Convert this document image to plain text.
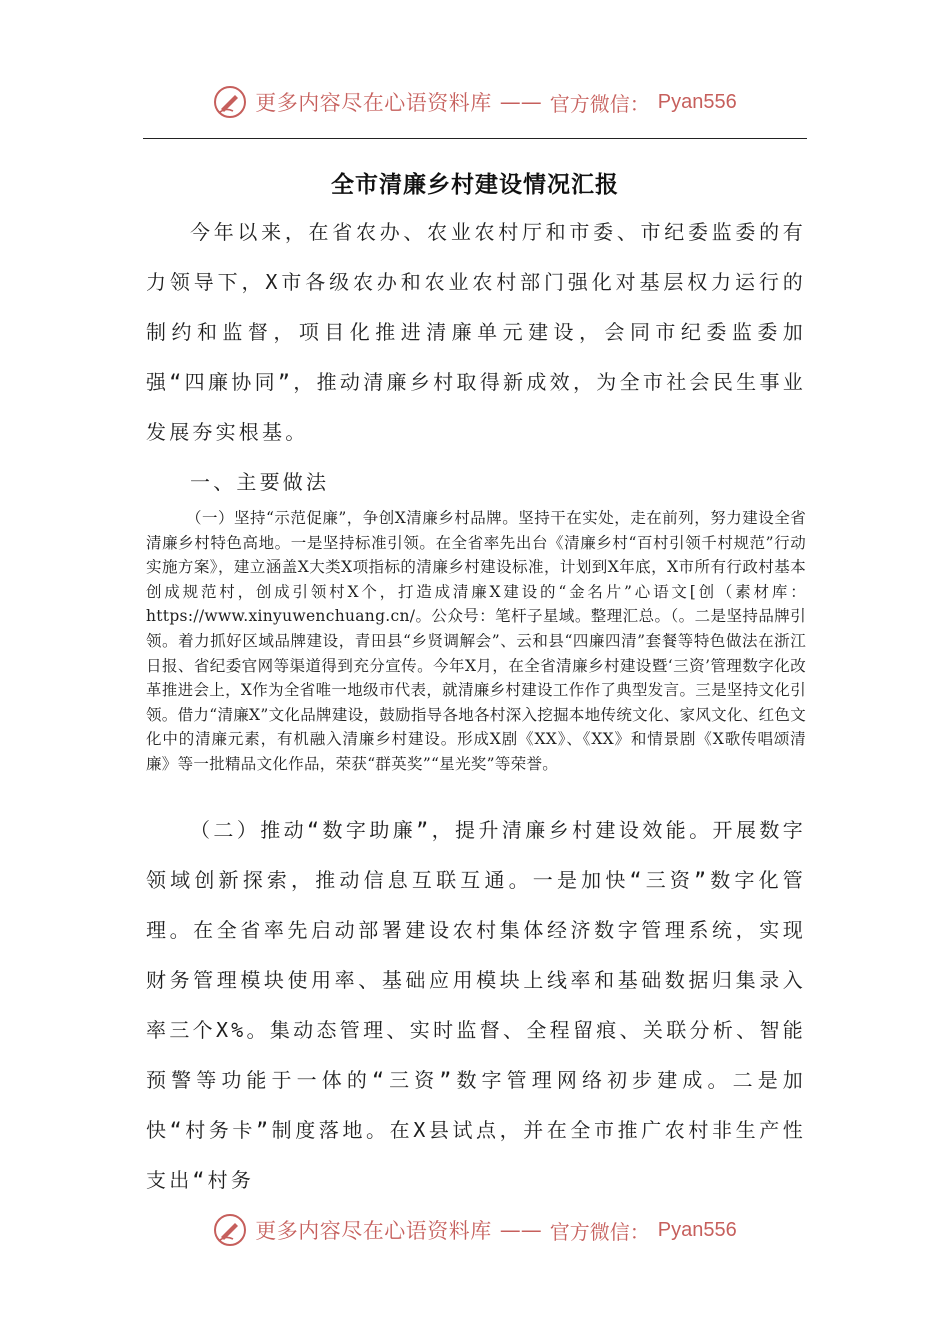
更多内容尽在心语资料库 —— 官方微信： Pyan556
全市清廉乡村建设情况汇报

今年以来，在省农办、农业农村厅和市委、市纪委监委的有力领导下，X市各级农办和农业农村部门强化对基层权力运行的制约和监督，项目化推进清廉单元建设，会同市纪委监委加强“四廉协同”，推动清廉乡村取得新成效，为全市社会民生事业发展夯实根基。

一、主要做法

（一）坚持“示范促廉”，争创X清廉乡村品牌。坚持干在实处，走在前列，努力建设全省清廉乡村特色高地。一是坚持标准引领。在全省率先出台《清廉乡村“百村引领千村规范”行动实施方案》，建立涵盖X大类X项指标的清廉乡村建设标准，计划到X年底，X市所有行政村基本创成规范村，创成引领村X个，打造成清廉X建设的“金名片”心语文[创（素材库：https://www.xinyuwenchuang.cn/。公众号：笔杆子星域。整理汇总。（。二是坚持品牌引领。着力抓好区域品牌建设，青田县“乡贤调解会”、云和县“四廉四清”套餐等特色做法在浙江日报、省纪委官网等渠道得到充分宣传。今年X月，在全省清廉乡村建设暨‘三资’管理数字化改革推进会上，X作为全省唯一地级市代表，就清廉乡村建设工作作了典型发言。三是坚持文化引领。借力“清廉X”文化品牌建设，鼓励指导各地各村深入挖掘本地传统文化、家风文化、红色文化中的清廉元素，有机融入清廉乡村建设。形成X剧《XX》、《XX》和情景剧《X歌传唱颂清廉》等一批精品文化作品，荣获“群英奖”“星光奖”等荣誉。

（二）推动“数字助廉”，提升清廉乡村建设效能。开展数字领域创新探索，推动信息互联互通。一是加快“三资”数字化管理。在全省率先启动部署建设农村集体经济数字管理系统，实现财务管理模块使用率、基础应用模块上线率和基础数据归集录入率三个X%。集动态管理、实时监督、全程留痕、关联分析、智能预警等功能于一体的“三资”数字管理网络初步建成。二是加快“村务卡”制度落地。在X县试点，并在全市推广农村非生产性支出“村务

更多内容尽在心语资料库 —— 官方微信： Pyan556
